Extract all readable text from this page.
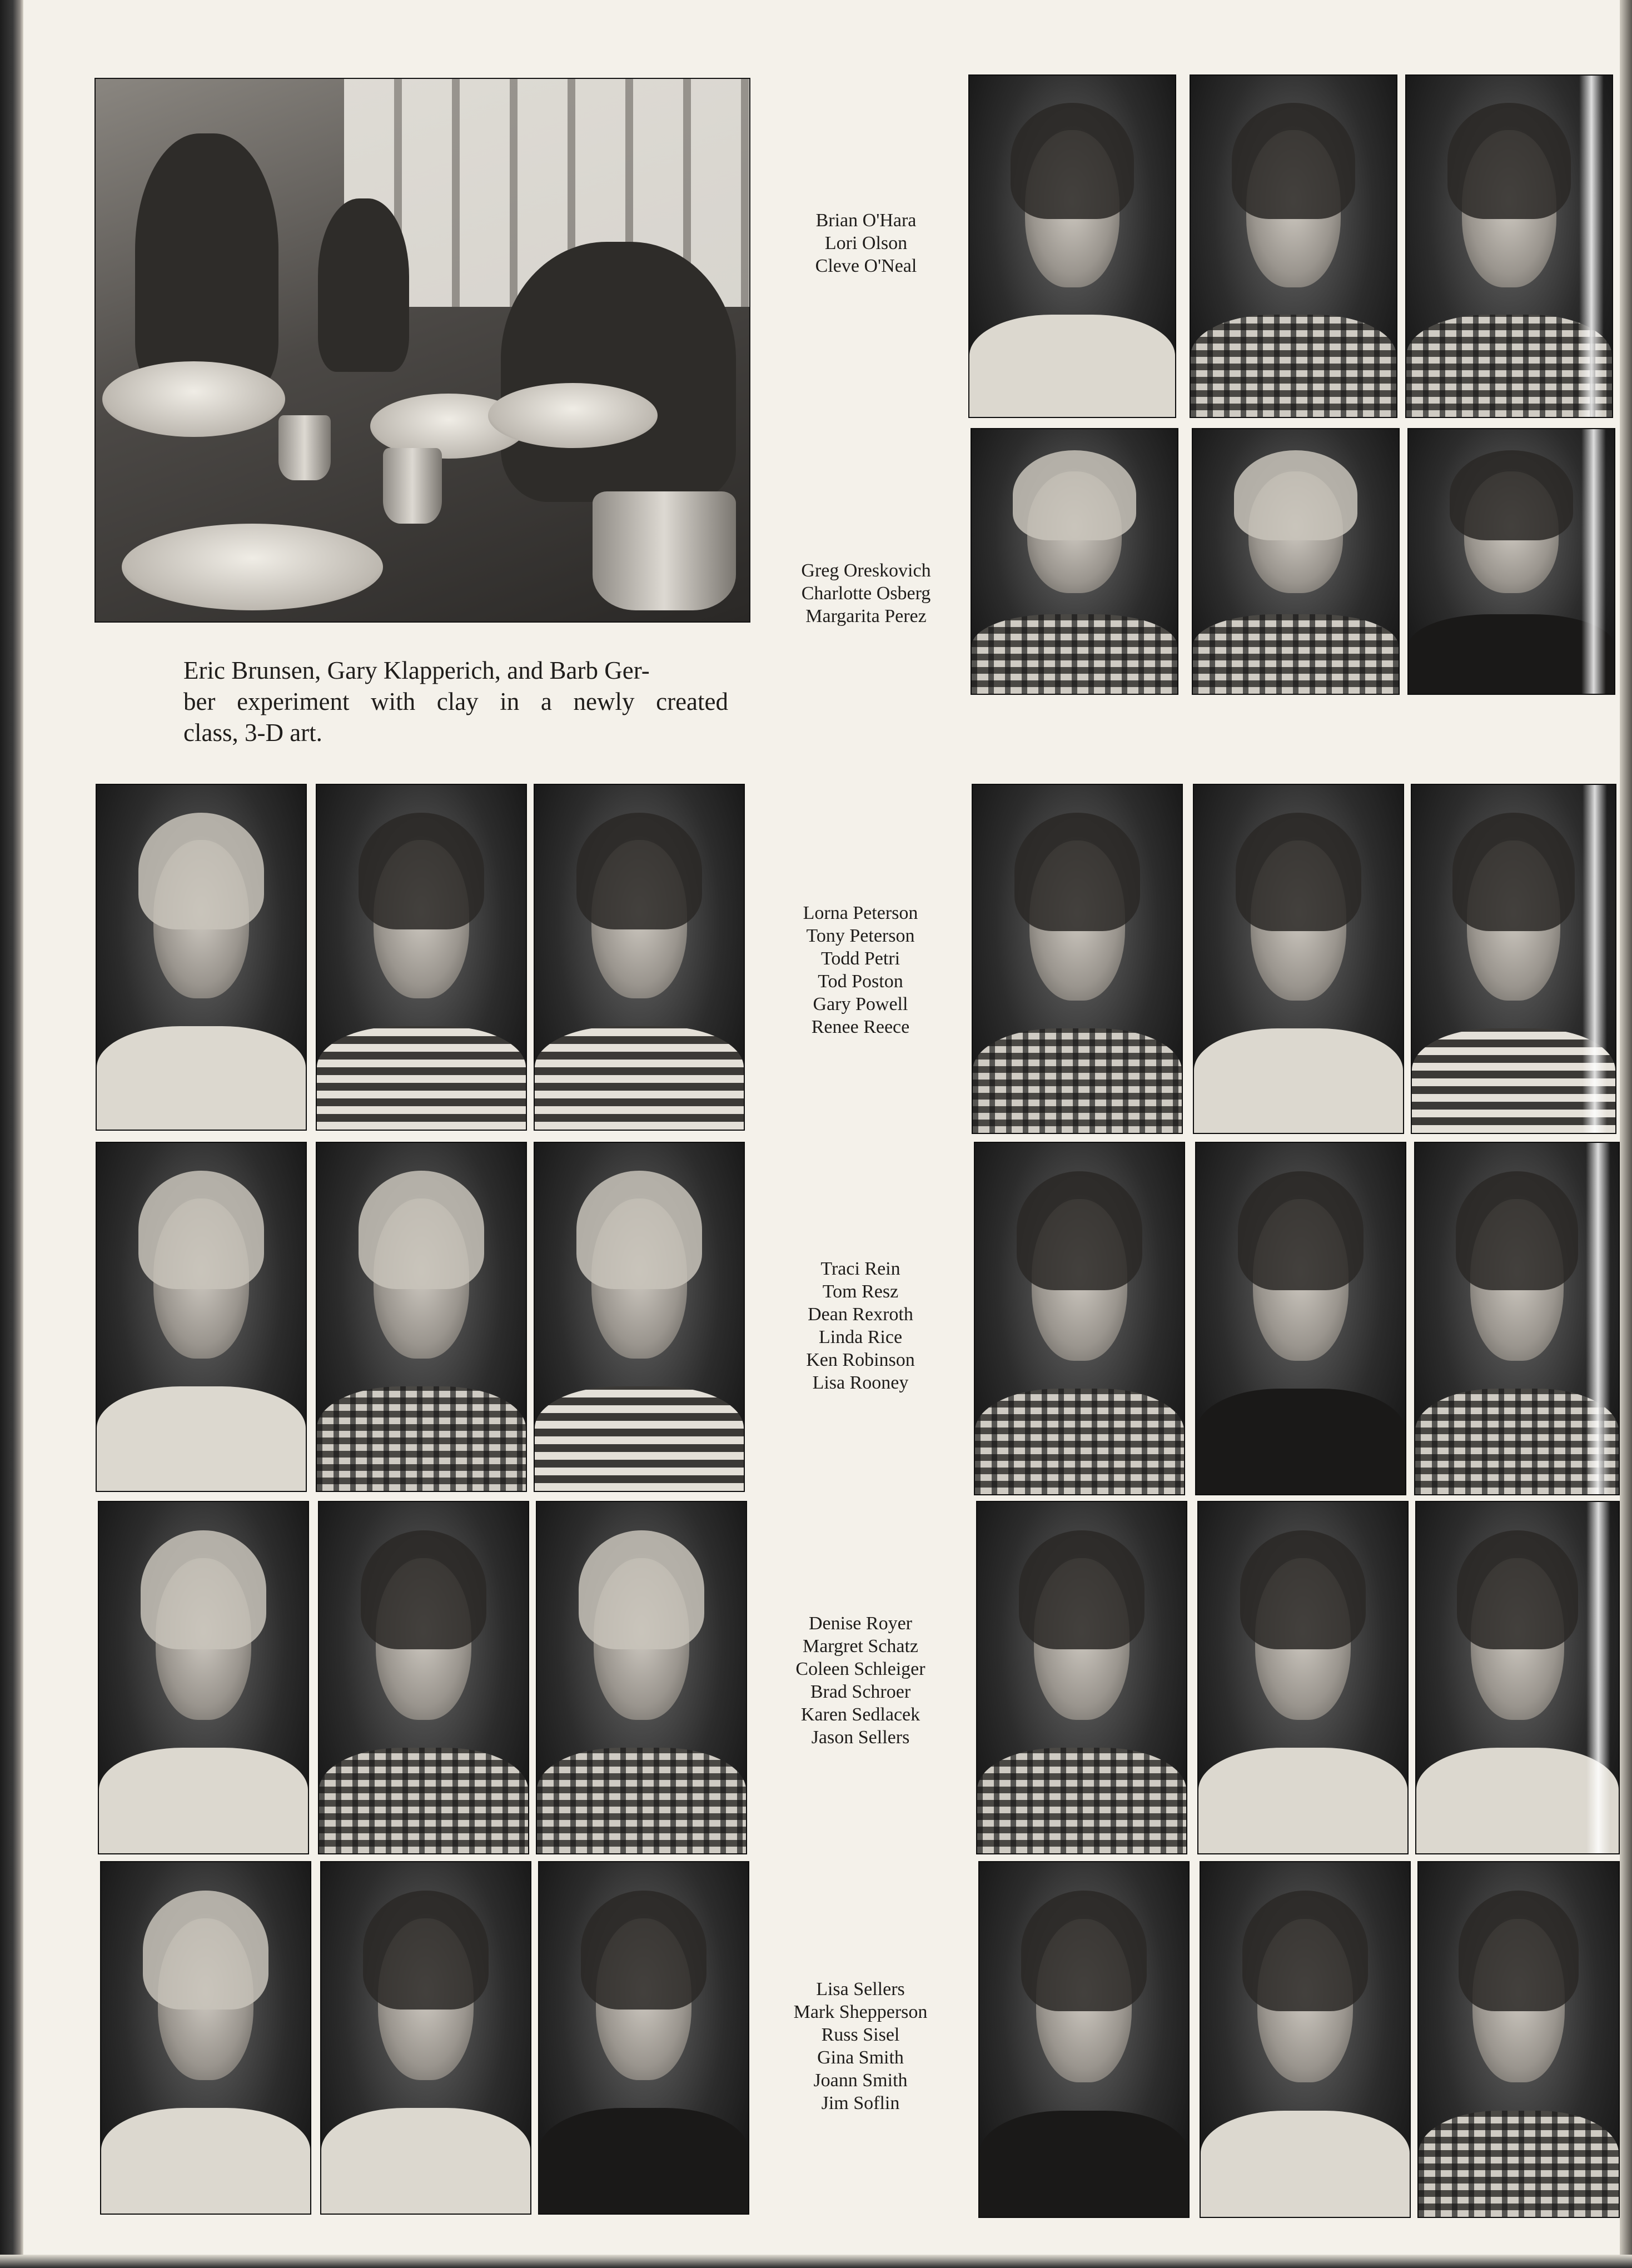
Eric Brunsen, Gary Klapperich, and Barb Ger-
ber experiment with clay in a newly created
class, 3-D art.
Brian O'Hara
Lori Olson
Cleve O'Neal
Greg Oreskovich
Charlotte Osberg
Margarita Perez
Lorna Peterson
Tony Peterson
Todd Petri
Tod Poston
Gary Powell
Renee Reece
Traci Rein
Tom Resz
Dean Rexroth
Linda Rice
Ken Robinson
Lisa Rooney
Denise Royer
Margret Schatz
Coleen Schleiger
Brad Schroer
Karen Sedlacek
Jason Sellers
Lisa Sellers
Mark Shepperson
Russ Sisel
Gina Smith
Joann Smith
Jim Soflin
